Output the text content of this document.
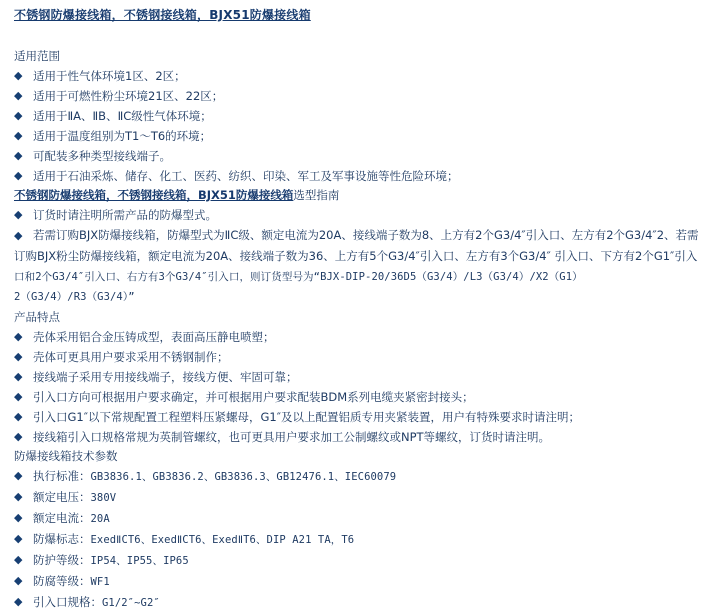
不锈钢防爆接线箱，不锈钢接线箱，BJX51防爆接线箱
适用范围
◆ 适用于性气体环境1区、2区；
◆ 适用于可燃性粉尘环境21区、22区；
◆ 适用于ⅡA、ⅡB、ⅡC级性气体环境；
◆ 适用于温度组别为T1～T6的环境；
◆ 可配装多种类型接线端子。
◆ 适用于石油采炼、储存、化工、医药、纺织、印染、军工及军事设施等性危险环境；
不锈钢防爆接线箱，不锈钢接线箱，BJX51防爆接线箱选型指南
◆ 订货时请注明所需产品的防爆型式。
◆ 若需订购BJX防爆接线箱，防爆型式为ⅡC级、额定电流为20A、接线端子数为8、上方有2个G3/4″引入口、左方有2个G3/4″2、若需
订购BJX粉尘防爆接线箱，额定电流为20A、接线端子数为36、上方有5个G3/4″引入口、左方有3个G3/4″ 引入口、下方有2个G1″引入
口和2个G3/4″引入口、右方有3个G3/4″引入口，则订货型号为“BJX-DIP-20/36D5（G3/4）/L3（G3/4）/X2（G1）
2（G3/4）/R3（G3/4）”
产品特点
◆ 壳体采用铝合金压铸成型，表面高压静电喷塑；
◆ 壳体可更具用户要求采用不锈钢制作；
◆ 接线端子采用专用接线端子，接线方便、牢固可靠；
◆ 引入口方向可根据用户要求确定，并可根据用户要求配装BDM系列电缆夹紧密封接头；
◆ 引入口G1″以下常规配置工程塑料压紧螺母，G1″及以上配置铝质专用夹紧装置，用户有特殊要求时请注明；
◆ 接线箱引入口规格常规为英制管螺纹，也可更具用户要求加工公制螺纹或NPT等螺纹，订货时请注明。
防爆接线箱技术参数
◆ 执行标准：GB3836.1、GB3836.2、GB3836.3、GB12476.1、IEC60079
◆ 额定电压：380V
◆ 额定电流：20A
◆ 防爆标志：ExedⅡCT6、ExedⅡCT6、ExedⅡT6、DIP A21 TA，T6
◆ 防护等级：IP54、IP55、IP65
◆ 防腐等级：WF1
◆ 引入口规格：G1/2″~G2″
